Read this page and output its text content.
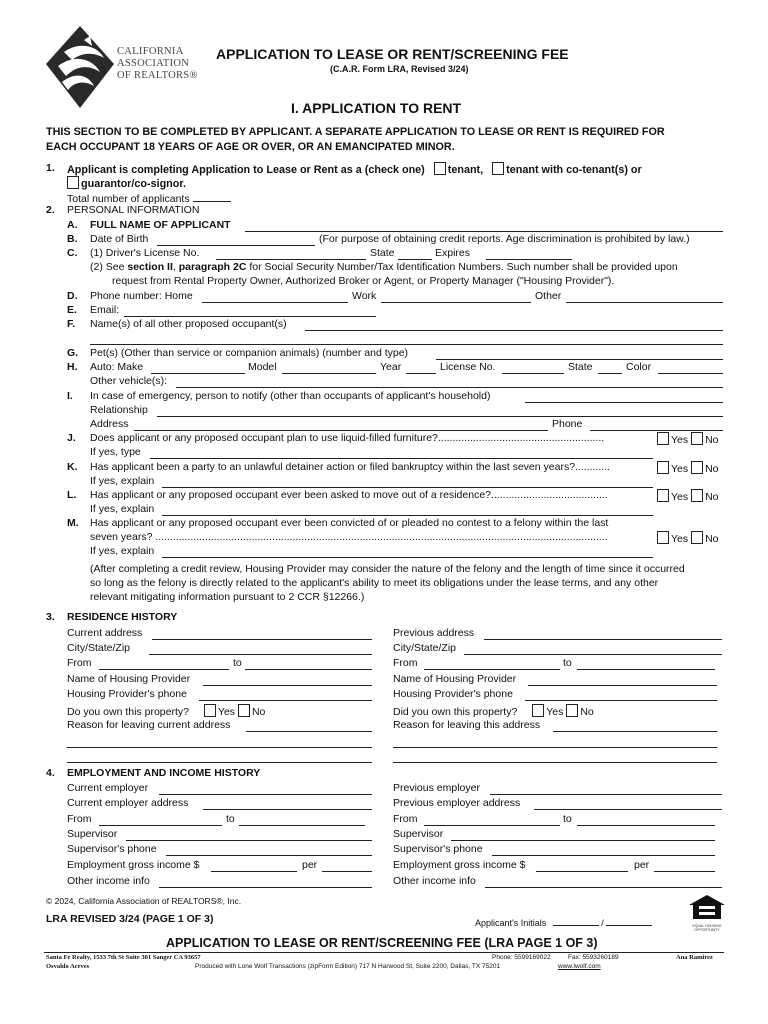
CALIFORNIA
ASSOCIATION
OF REALTORS®
APPLICATION TO LEASE OR RENT/SCREENING FEE
(C.A.R. Form LRA, Revised 3/24)
I. APPLICATION TO RENT
THIS SECTION TO BE COMPLETED BY APPLICANT. A SEPARATE APPLICATION TO LEASE OR RENT IS REQUIRED FOR
EACH OCCUPANT 18 YEARS OF AGE OR OVER, OR AN EMANCIPATED MINOR.
1. Applicant is completing Application to Lease or Rent as a (check one) tenant, tenant with co-tenant(s) or
guarantor/co-signor.
Total number of applicants
2. PERSONAL INFORMATION
A. FULL NAME OF APPLICANT
B. Date of Birth	(For purpose of obtaining credit reports. Age discrimination is prohibited by law.)
C. (1) Driver's License No.	State	Expires
(2) See section II, paragraph 2C for Social Security Number/Tax Identification Numbers. Such number shall be provided upon
request from Rental Property Owner, Authorized Broker or Agent, or Property Manager ("Housing Provider").
D. Phone number: Home	Work	Other
E. Email:
F. Name(s) of all other proposed occupant(s)
G. Pet(s) (Other than service or companion animals) (number and type)
H. Auto: Make	Model	Year	License No.	State	Color
Other vehicle(s):
I. In case of emergency, person to notify (other than occupants of applicant's household)
Relationship
Address	Phone
J. Does applicant or any proposed occupant plan to use liquid-filled furniture?.........................................................	Yes No
If yes, type
K. Has applicant been a party to an unlawful detainer action or filed bankruptcy within the last seven years?............	Yes No
If yes, explain
L. Has applicant or any proposed occupant ever been asked to move out of a residence?........................................	Yes No
If yes, explain
M. Has applicant or any proposed occupant ever been convicted of or pleaded no contest to a felony within the last
seven years? ...........................................................................................................................................................	Yes No
If yes, explain
(After completing a credit review, Housing Provider may consider the nature of the felony and the length of time since it occurred
so long as the felony is directly related to the applicant's ability to meet its obligations under the lease terms, and any other
relevant mitigating information pursuant to 2 CCR §12266.)
3. RESIDENCE HISTORY
Current address	Previous address
City/State/Zip	City/State/Zip
From	to	From	to
Name of Housing Provider	Name of Housing Provider
Housing Provider's phone	Housing Provider's phone
Do you own this property?	Yes No	Did you own this property?	Yes No
Reason for leaving current address	Reason for leaving this address
4. EMPLOYMENT AND INCOME HISTORY
Current employer	Previous employer
Current employer address	Previous employer address
From	to	From	to
Supervisor	Supervisor
Supervisor's phone	Supervisor's phone
Employment gross income $	per	Employment gross income $	per
Other income info	Other income info
© 2024, California Association of REALTORS®, Inc.
LRA REVISED 3/24 (PAGE 1 OF 3)	Applicant's Initials	/	EQUAL HOUSING OPPORTUNITY
APPLICATION TO LEASE OR RENT/SCREENING FEE (LRA PAGE 1 OF 3)
Santa Fe Realty, 1533 7th St Suite 301 Sanger CA 93657	Phone: 5599169022	Fax: 5593260189	Ana Ramirez
Osvaldo Aceves	Produced with Lone Wolf Transactions (zipForm Edition) 717 N Harwood St, Suite 2200, Dallas, TX 75201	www.lwolf.com
